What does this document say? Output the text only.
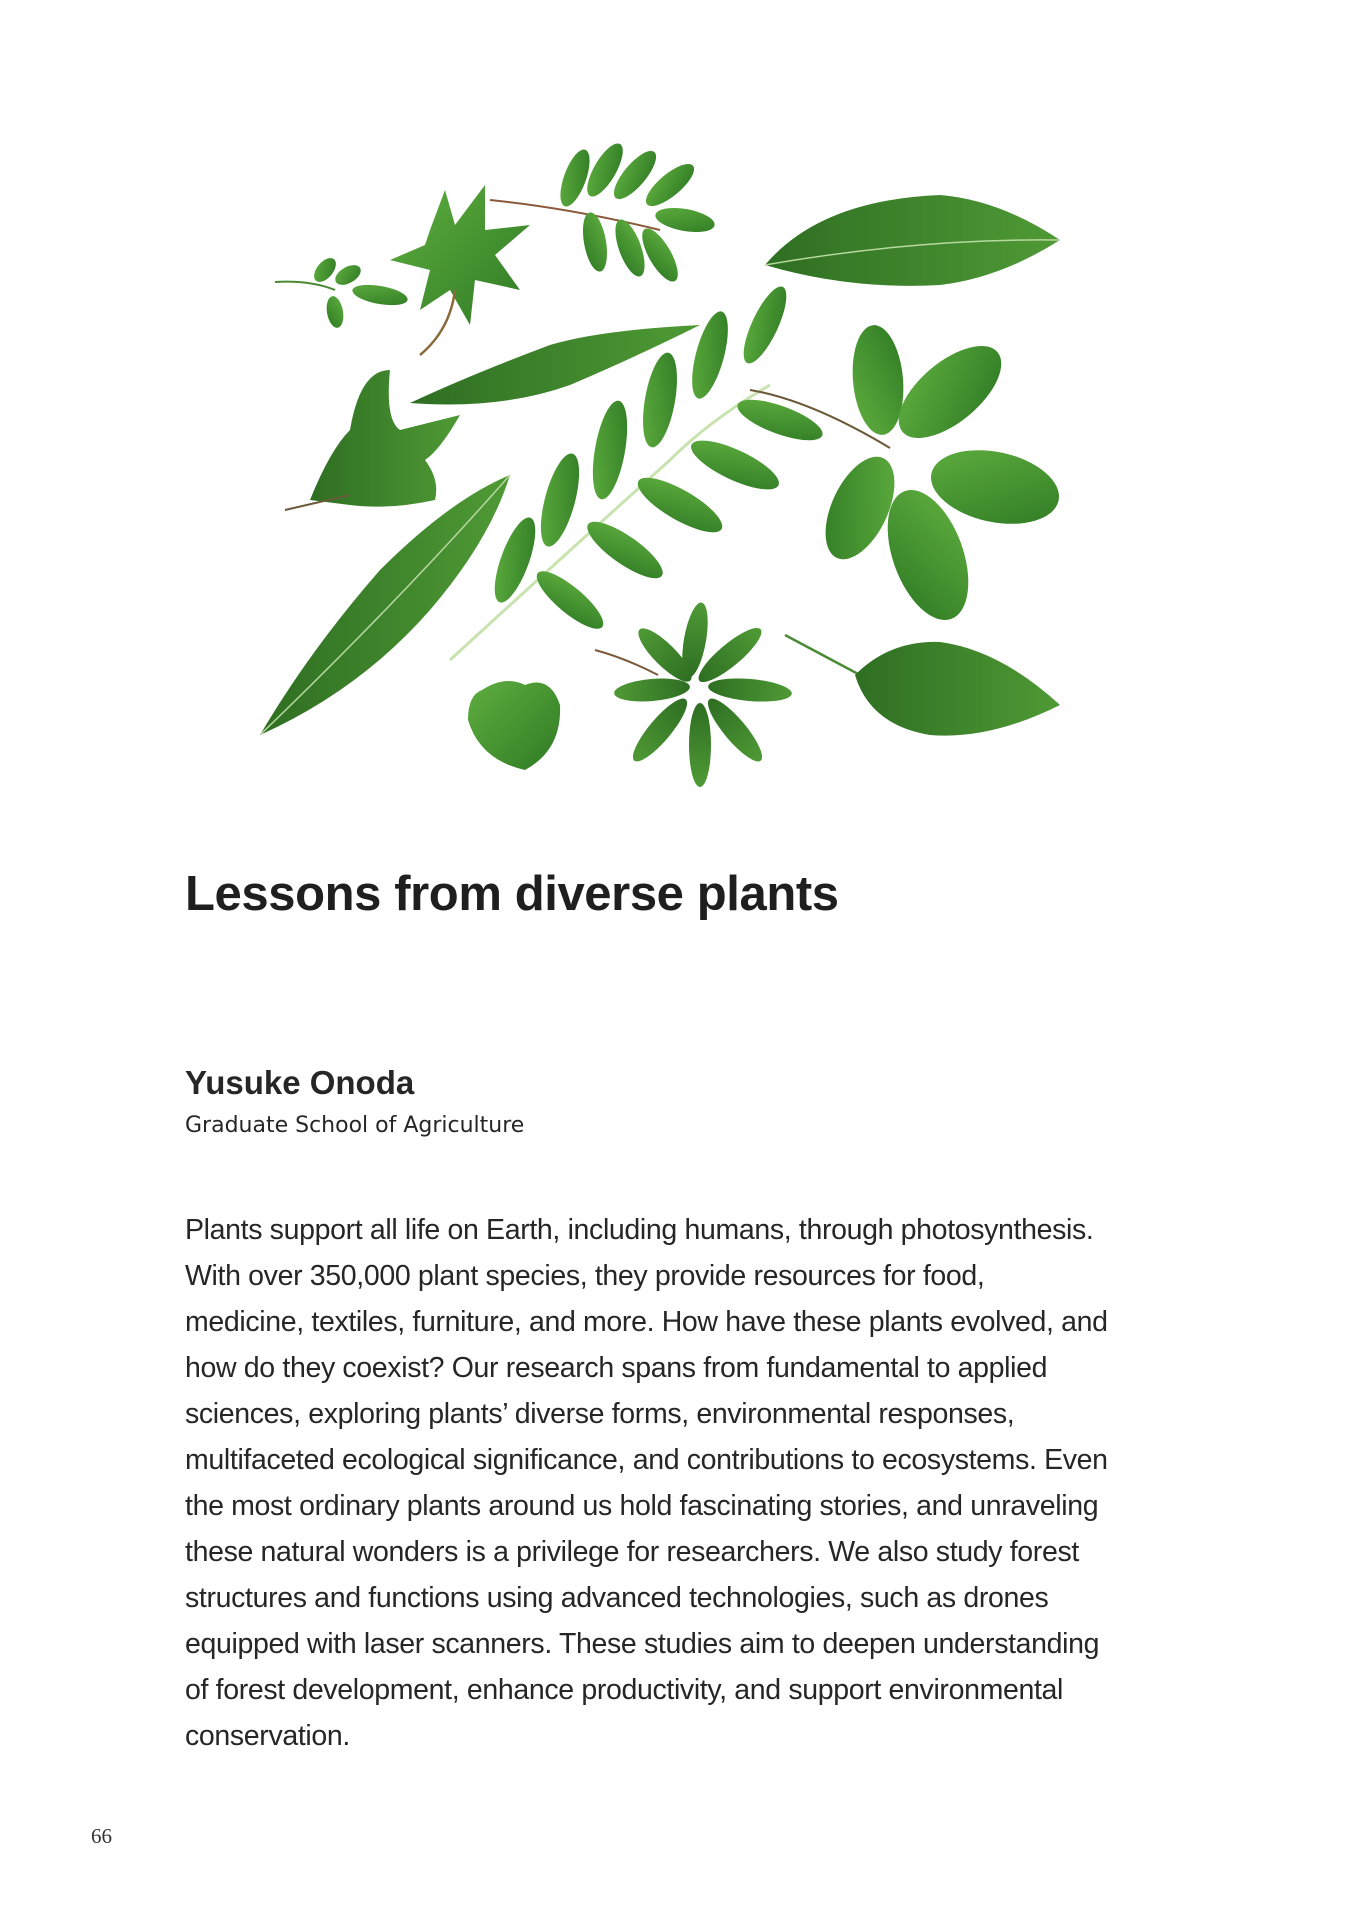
Lessons from diverse plants
Yusuke Onoda
Graduate School of Agriculture
Plants support all life on Earth, including humans, through photosynthesis.
With over 350,000 plant species, they provide resources for food,
medicine, textiles, furniture, and more. How have these plants evolved, and
how do they coexist? Our research spans from fundamental to applied
sciences, exploring plants’ diverse forms, environmental responses,
multifaceted ecological significance, and contributions to ecosystems. Even
the most ordinary plants around us hold fascinating stories, and unraveling
these natural wonders is a privilege for researchers. We also study forest
structures and functions using advanced technologies, such as drones
equipped with laser scanners. These studies aim to deepen understanding
of forest development, enhance productivity, and support environmental
conservation.
66
